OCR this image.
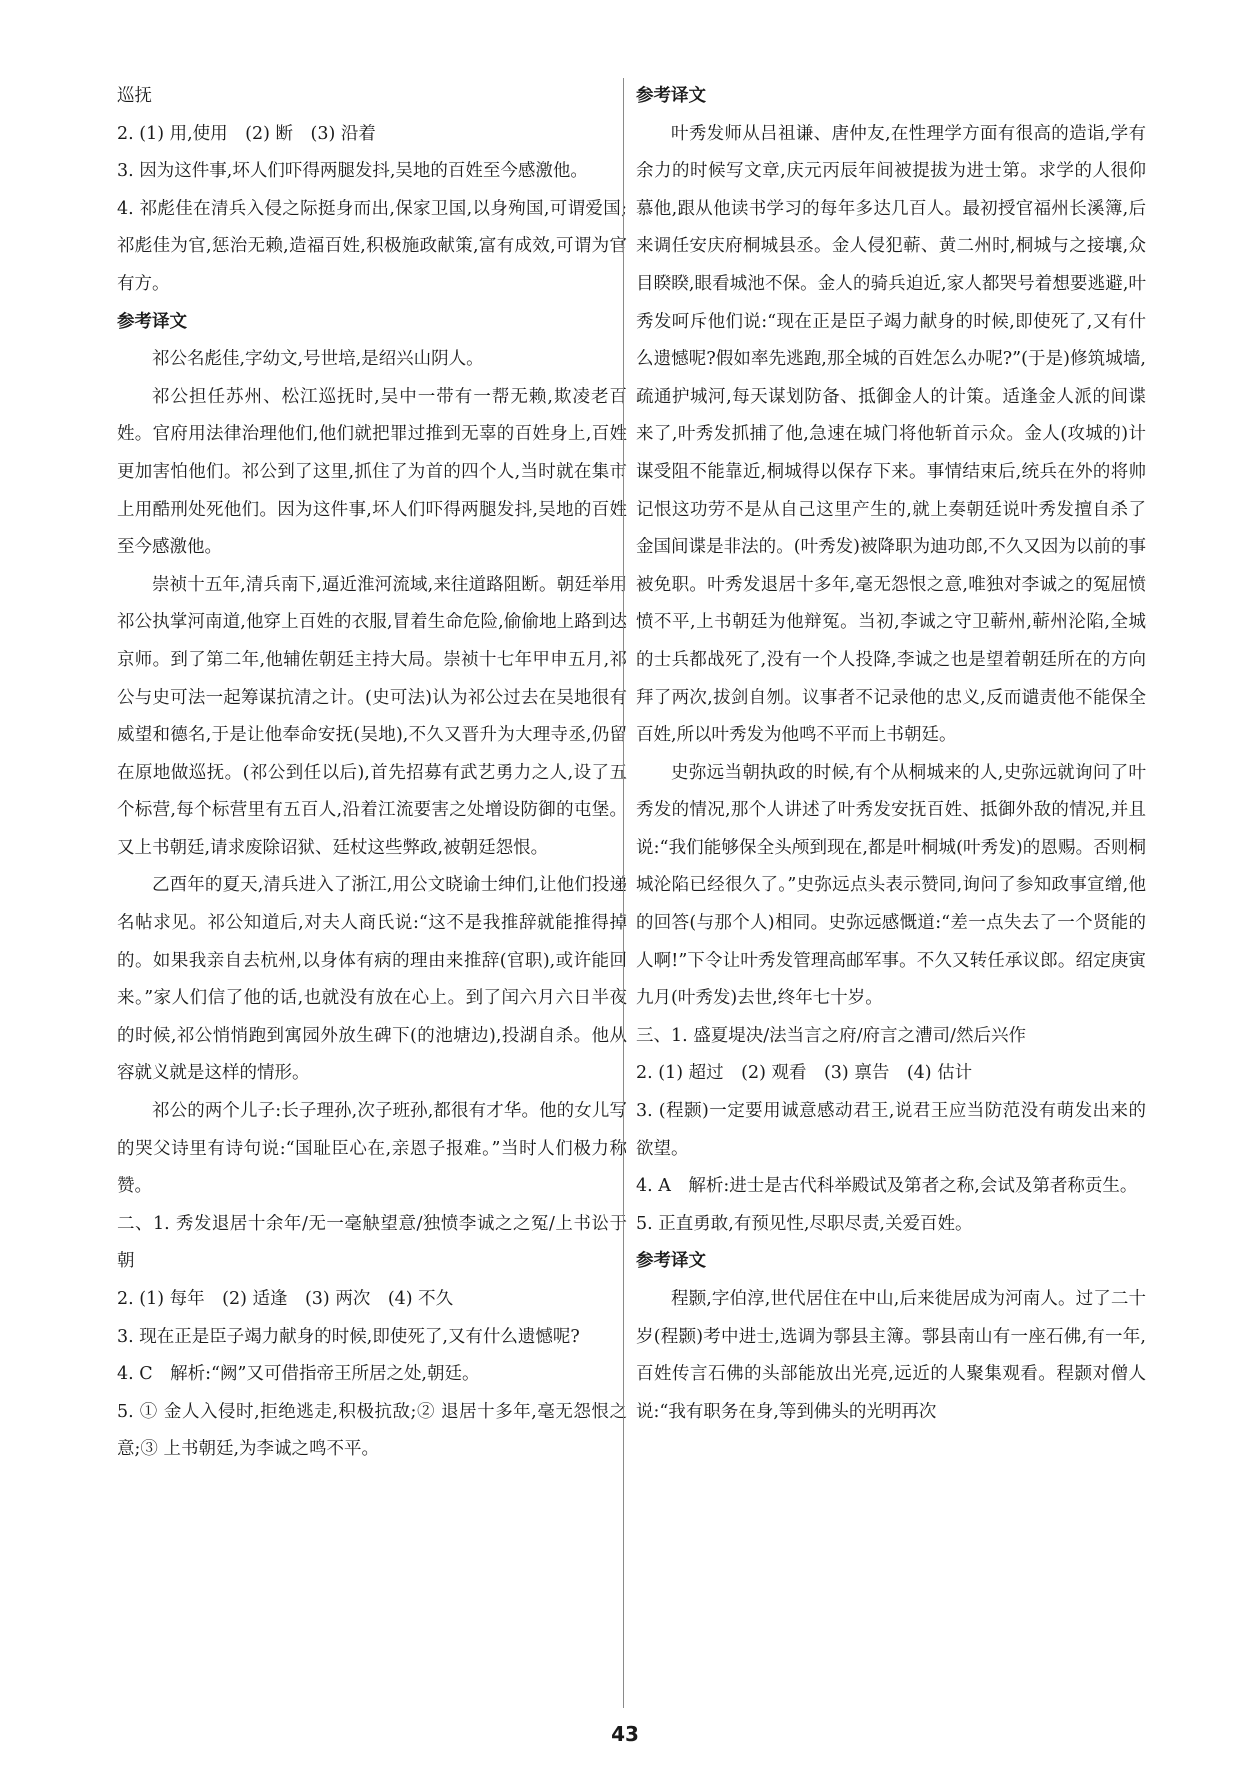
巡抚

2. (1) 用,使用　(2) 断　(3) 沿着

3. 因为这件事,坏人们吓得两腿发抖,吴地的百姓至今感激他。

4. 祁彪佳在清兵入侵之际挺身而出,保家卫国,以身殉国,可谓爱国;祁彪佳为官,惩治无赖,造福百姓,积极施政献策,富有成效,可谓为官有方。

参考译文

祁公名彪佳,字幼文,号世培,是绍兴山阴人。

祁公担任苏州、松江巡抚时,吴中一带有一帮无赖,欺凌老百姓。官府用法律治理他们,他们就把罪过推到无辜的百姓身上,百姓更加害怕他们。祁公到了这里,抓住了为首的四个人,当时就在集市上用酷刑处死他们。因为这件事,坏人们吓得两腿发抖,吴地的百姓至今感激他。

崇祯十五年,清兵南下,逼近淮河流域,来往道路阻断。朝廷举用祁公执掌河南道,他穿上百姓的衣服,冒着生命危险,偷偷地上路到达京师。到了第二年,他辅佐朝廷主持大局。崇祯十七年甲申五月,祁公与史可法一起筹谋抗清之计。(史可法)认为祁公过去在吴地很有威望和德名,于是让他奉命安抚(吴地),不久又晋升为大理寺丞,仍留在原地做巡抚。(祁公到任以后),首先招募有武艺勇力之人,设了五个标营,每个标营里有五百人,沿着江流要害之处增设防御的屯堡。又上书朝廷,请求废除诏狱、廷杖这些弊政,被朝廷怨恨。

乙酉年的夏天,清兵进入了浙江,用公文晓谕士绅们,让他们投递名帖求见。祁公知道后,对夫人商氏说:“这不是我推辞就能推得掉的。如果我亲自去杭州,以身体有病的理由来推辞(官职),或许能回来。”家人们信了他的话,也就没有放在心上。到了闰六月六日半夜的时候,祁公悄悄跑到寓园外放生碑下(的池塘边),投湖自杀。他从容就义就是这样的情形。

祁公的两个儿子:长子理孙,次子班孙,都很有才华。他的女儿写的哭父诗里有诗句说:“国耻臣心在,亲恩子报难。”当时人们极力称赞。

二、1. 秀发退居十余年/无一毫觖望意/独愤李诚之之冤/上书讼于朝

2. (1) 每年　(2) 适逢　(3) 两次　(4) 不久

3. 现在正是臣子竭力献身的时候,即使死了,又有什么遗憾呢?

4. C　解析:“阙”又可借指帝王所居之处,朝廷。

5. ① 金人入侵时,拒绝逃走,积极抗敌;② 退居十多年,毫无怨恨之意;③ 上书朝廷,为李诚之鸣不平。

参考译文

叶秀发师从吕祖谦、唐仲友,在性理学方面有很高的造诣,学有余力的时候写文章,庆元丙辰年间被提拔为进士第。求学的人很仰慕他,跟从他读书学习的每年多达几百人。最初授官福州长溪簿,后来调任安庆府桐城县丞。金人侵犯蕲、黄二州时,桐城与之接壤,众目睽睽,眼看城池不保。金人的骑兵迫近,家人都哭号着想要逃避,叶秀发呵斥他们说:“现在正是臣子竭力献身的时候,即使死了,又有什么遗憾呢?假如率先逃跑,那全城的百姓怎么办呢?”(于是)修筑城墙,疏通护城河,每天谋划防备、抵御金人的计策。适逢金人派的间谍来了,叶秀发抓捕了他,急速在城门将他斩首示众。金人(攻城的)计谋受阻不能靠近,桐城得以保存下来。事情结束后,统兵在外的将帅记恨这功劳不是从自己这里产生的,就上奏朝廷说叶秀发擅自杀了金国间谍是非法的。(叶秀发)被降职为迪功郎,不久又因为以前的事被免职。叶秀发退居十多年,毫无怨恨之意,唯独对李诚之的冤屈愤愤不平,上书朝廷为他辩冤。当初,李诚之守卫蕲州,蕲州沦陷,全城的士兵都战死了,没有一个人投降,李诚之也是望着朝廷所在的方向拜了两次,拔剑自刎。议事者不记录他的忠义,反而谴责他不能保全百姓,所以叶秀发为他鸣不平而上书朝廷。

史弥远当朝执政的时候,有个从桐城来的人,史弥远就询问了叶秀发的情况,那个人讲述了叶秀发安抚百姓、抵御外敌的情况,并且说:“我们能够保全头颅到现在,都是叶桐城(叶秀发)的恩赐。否则桐城沦陷已经很久了。”史弥远点头表示赞同,询问了参知政事宣缯,他的回答(与那个人)相同。史弥远感慨道:“差一点失去了一个贤能的人啊!”下令让叶秀发管理高邮军事。不久又转任承议郎。绍定庚寅九月(叶秀发)去世,终年七十岁。

三、1. 盛夏堤决/法当言之府/府言之漕司/然后兴作

2. (1) 超过　(2) 观看　(3) 禀告　(4) 估计

3. (程颢)一定要用诚意感动君王,说君王应当防范没有萌发出来的欲望。

4. A　解析:进士是古代科举殿试及第者之称,会试及第者称贡生。

5. 正直勇敢,有预见性,尽职尽责,关爱百姓。

参考译文

程颢,字伯淳,世代居住在中山,后来徙居成为河南人。过了二十岁(程颢)考中进士,选调为鄠县主簿。鄠县南山有一座石佛,有一年,百姓传言石佛的头部能放出光亮,远近的人聚集观看。程颢对僧人说:“我有职务在身,等到佛头的光明再次

43
